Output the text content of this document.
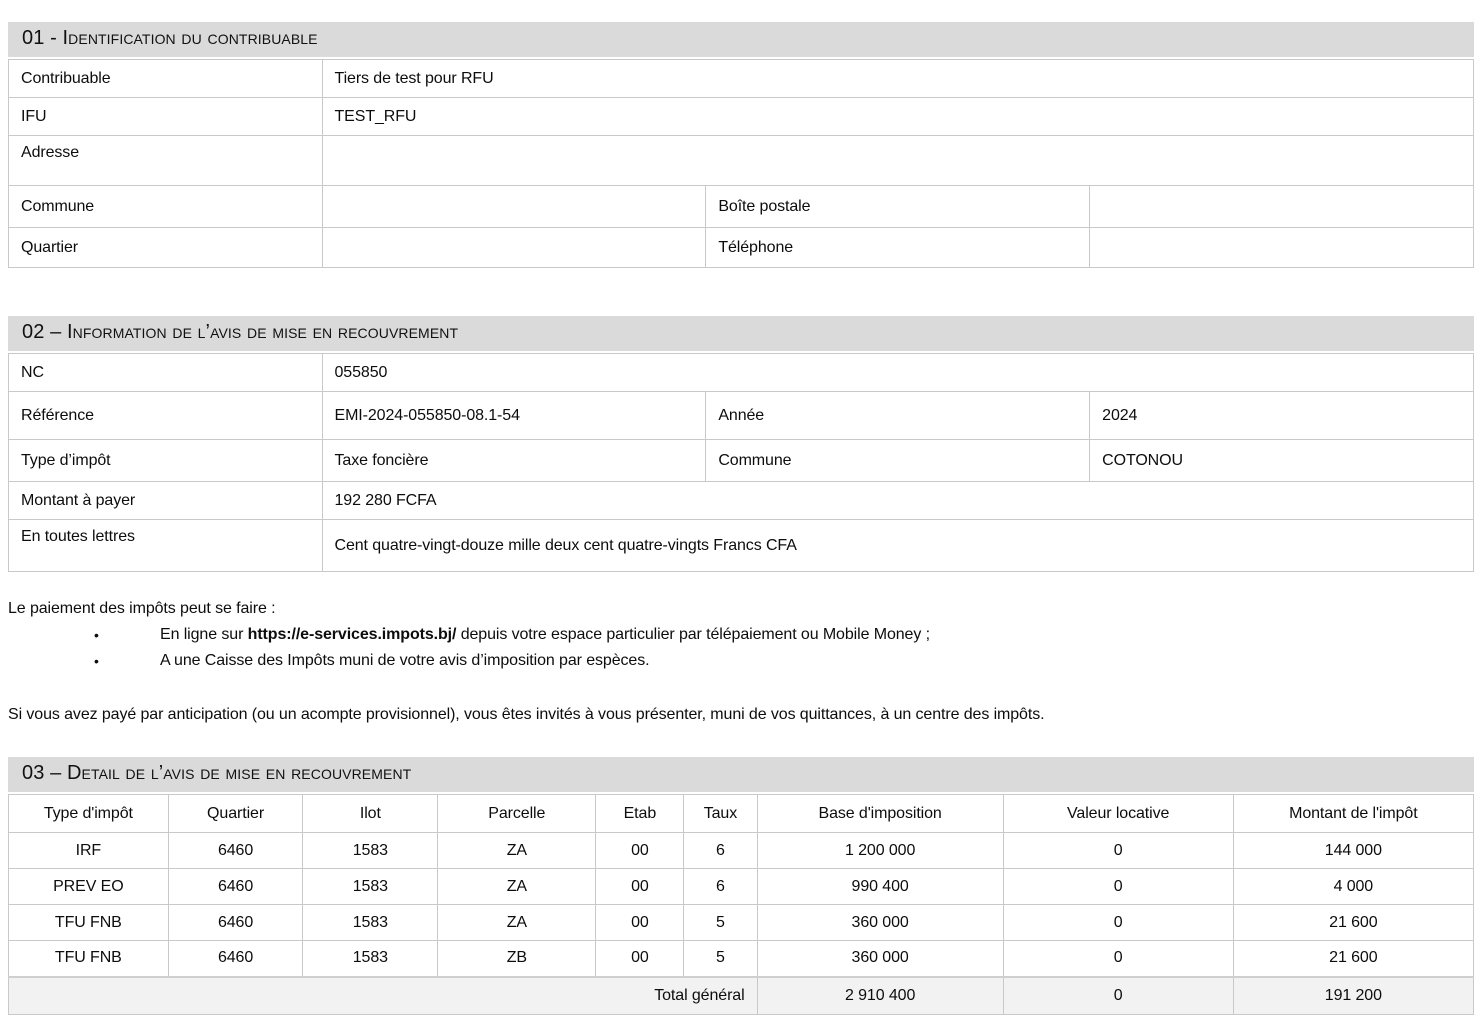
01 - Identification du contribuable
Contribuable	Tiers de test pour RFU		
IFU	TEST_RFU		
Adresse			
Commune		Boîte postale	
Quartier		Téléphone	
02 – Information de l’avis de mise en recouvrement
NC	055850		
Référence	EMI-2024-055850-08.1-54	Année	2024
Type d’impôt	Taxe foncière	Commune	COTONOU
Montant à payer	192 280 FCFA		
En toutes lettres	Cent quatre-vingt-douze mille deux cent quatre-vingts Francs CFA		

Le paiement des impôts peut se faire :

•	En ligne sur https://e-services.impots.bj/ depuis votre espace particulier par télépaiement ou Mobile Money ;
•	A une Caisse des Impôts muni de votre avis d’imposition par espèces.

Si vous avez payé par anticipation (ou un acompte provisionnel), vous êtes invités à vous présenter, muni de vos quittances, à un centre des impôts.

03 – Detail de l’avis de mise en recouvrement
Type d'impôt	Quartier	Ilot	Parcelle	Etab	Taux	Base d'imposition	Valeur locative	Montant de l'impôt
IRF	6460	1583	ZA	00	6	1 200 000	0	144 000
PREV EO	6460	1583	ZA	00	6	990 400	0	4 000
TFU FNB	6460	1583	ZA	00	5	360 000	0	21 600
TFU FNB	6460	1583	ZB	00	5	360 000	0	21 600
Total général						2 910 400	0	191 200
